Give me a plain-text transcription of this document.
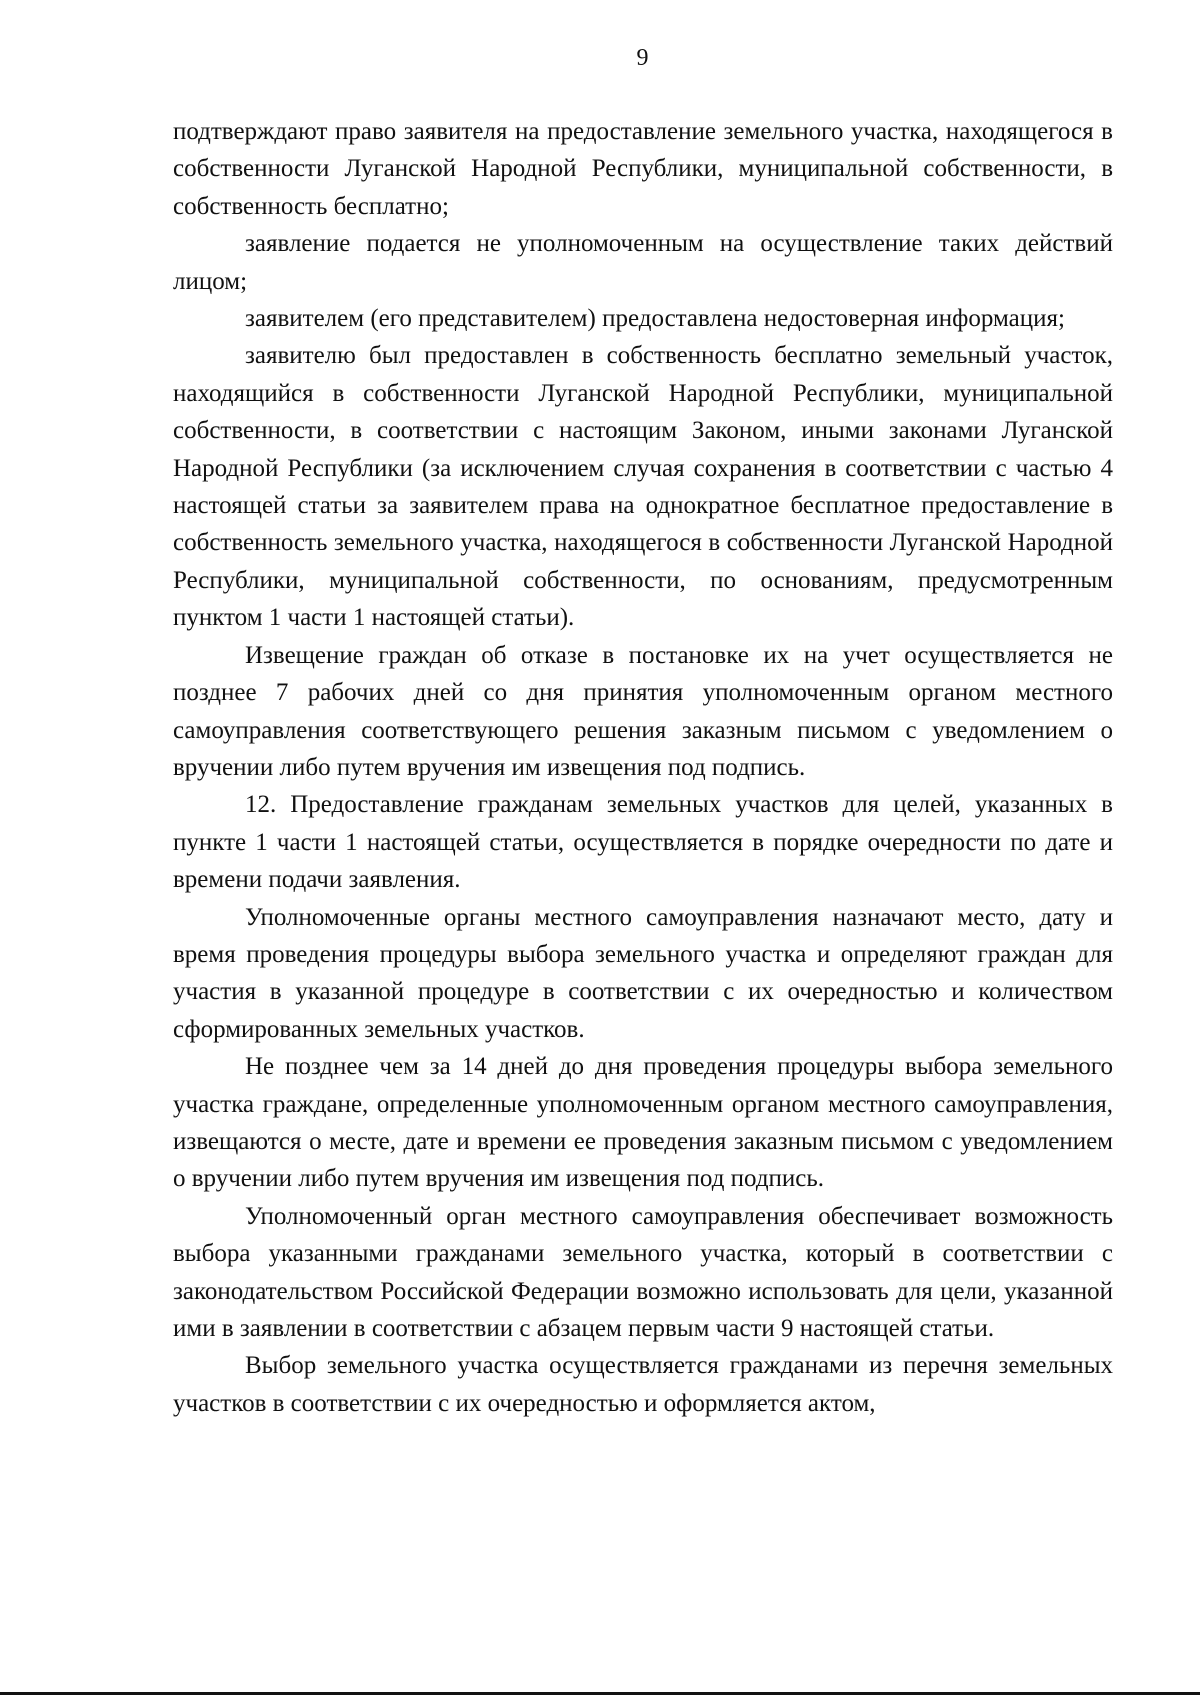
9

подтверждают право заявителя на предоставление земельного участка, находящегося в собственности Луганской Народной Республики, муниципальной собственности, в собственность бесплатно;

заявление подается не уполномоченным на осуществление таких действий лицом;

заявителем (его представителем) предоставлена недостоверная информация;

заявителю был предоставлен в собственность бесплатно земельный участок, находящийся в собственности Луганской Народной Республики, муниципальной собственности, в соответствии с настоящим Законом, иными законами Луганской Народной Республики (за исключением случая сохранения в соответствии с частью 4 настоящей статьи за заявителем права на однократное бесплатное предоставление в собственность земельного участка, находящегося в собственности Луганской Народной Республики, муниципальной собственности, по основаниям, предусмотренным пунктом 1 части 1 настоящей статьи).

Извещение граждан об отказе в постановке их на учет осуществляется не позднее 7 рабочих дней со дня принятия уполномоченным органом местного самоуправления соответствующего решения заказным письмом с уведомлением о вручении либо путем вручения им извещения под подпись.

12. Предоставление гражданам земельных участков для целей, указанных в пункте 1 части 1 настоящей статьи, осуществляется в порядке очередности по дате и времени подачи заявления.

Уполномоченные органы местного самоуправления назначают место, дату и время проведения процедуры выбора земельного участка и определяют граждан для участия в указанной процедуре в соответствии с их очередностью и количеством сформированных земельных участков.

Не позднее чем за 14 дней до дня проведения процедуры выбора земельного участка граждане, определенные уполномоченным органом местного самоуправления, извещаются о месте, дате и времени ее проведения заказным письмом с уведомлением о вручении либо путем вручения им извещения под подпись.

Уполномоченный орган местного самоуправления обеспечивает возможность выбора указанными гражданами земельного участка, который в соответствии с законодательством Российской Федерации возможно использовать для цели, указанной ими в заявлении в соответствии с абзацем первым части 9 настоящей статьи.

Выбор земельного участка осуществляется гражданами из перечня земельных участков в соответствии с их очередностью и оформляется актом,
